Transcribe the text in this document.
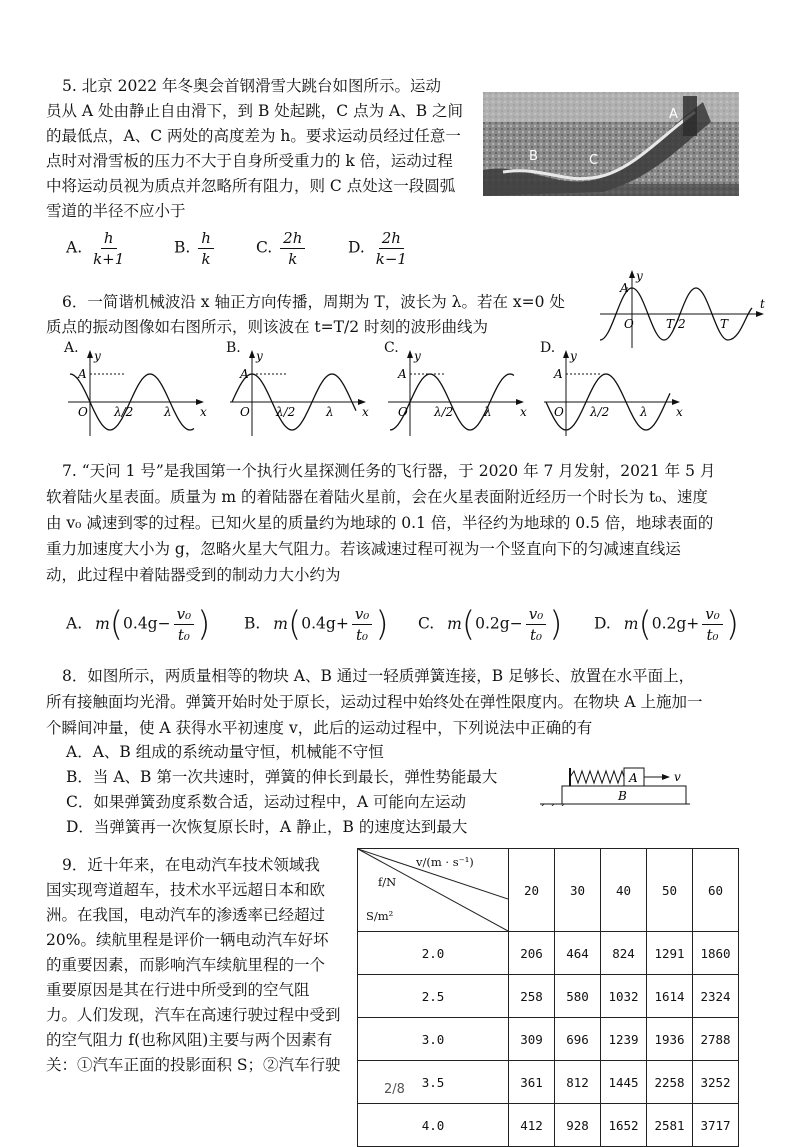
5. 北京 2022 年冬奥会首钢滑雪大跳台如图所示。运动
员从 A 处由静止自由滑下，到 B 处起跳，C 点为 A、B 之间
的最低点，A、C 两处的高度差为 h。要求运动员经过任意一
点时对滑雪板的压力不大于自身所受重力的 k 倍，运动过程
中将运动员视为质点并忽略所有阻力，则 C 点处这一段圆弧
雪道的半径不应小于
B	C
A
A. $\frac{h}{k+1}$	B. $\frac{h}{k}$	C. $\frac{2h}{k}$	D. $\frac{2h}{k-1}$
6．一简谐机械波沿 x 轴正方向传播，周期为 T，波长为 λ。若在 x=0 处
质点的振动图像如右图所示，则该波在 t=T/2 时刻的波形曲线为
y
A
O	T/2	T
t
A. y
A
O λ/2	λ x
B. y
A
O λ/2	λ x
C. y
A
O λ/2	λ x
D. y
A
O λ/2	λ x
7. “天问 1 号”是我国第一个执行火星探测任务的飞行器，于 2020 年 7 月发射，2021 年 5 月
软着陆火星表面。质量为 m 的着陆器在着陆火星前，会在火星表面附近经历一个时长为 t₀、速度
由 v₀ 减速到零的过程。已知火星的质量约为地球的 0.1 倍，半径约为地球的 0.5 倍，地球表面的
重力加速度大小为 g，忽略火星大气阻力。若该减速过程可视为一个竖直向下的匀减速直线运
动，此过程中着陆器受到的制动力大小约为
A. $m(0.4g- \frac{\text{v₀}}{\text{t₀}}$ ) B. $m(0.4g+ \frac{\text{v₀}}{\text{t₀}}$ ) C. $m(0.2g- \frac{\text{v₀}}{\text{t₀}}$ ) D. $m(0.2g+ \frac{\text{v₀}}{\text{t₀}}$ )
8．如图所示，两质量相等的物块 A、B 通过一轻质弹簧连接，B 足够长、放置在水平面上，
所有接触面均光滑。弹簧开始时处于原长，运动过程中始终处在弹性限度内。在物块 A 上施加一
个瞬间冲量，使 A 获得水平初速度 v，此后的运动过程中，下列说法中正确的有
A．A、B 组成的系统动量守恒，机械能不守恒
B．当 A、B 第一次共速时，弹簧的伸长到最长，弹性势能最大
C．如果弹簧劲度系数合适，运动过程中，A 可能向左运动
D．当弹簧再一次恢复原长时，A 静止，B 的速度达到最大
A
B
v
9．近十年来，在电动汽车技术领域我
国实现弯道超车，技术水平远超日本和欧
洲。在我国，电动汽车的渗透率已经超过
20%。续航里程是评价一辆电动汽车好坏
的重要因素，而影响汽车续航里程的一个
重要原因是其在行进中所受到的空气阻
力。人们发现，汽车在高速行驶过程中受到
的空气阻力 f(也称风阻)主要与两个因素有
关：①汽车正面的投影面积 S；②汽车行驶
v/(m · s⁻¹)
f/N
S/m²	20	30	40	50	60
2.0	206	464	824	1291	1860
2.5	258	580	1032	1614	2324
3.0	309	696	1239	1936	2788
3.5	361	812	1445	2258	3252
4.0	412	928	1652	2581	3717
2/8
